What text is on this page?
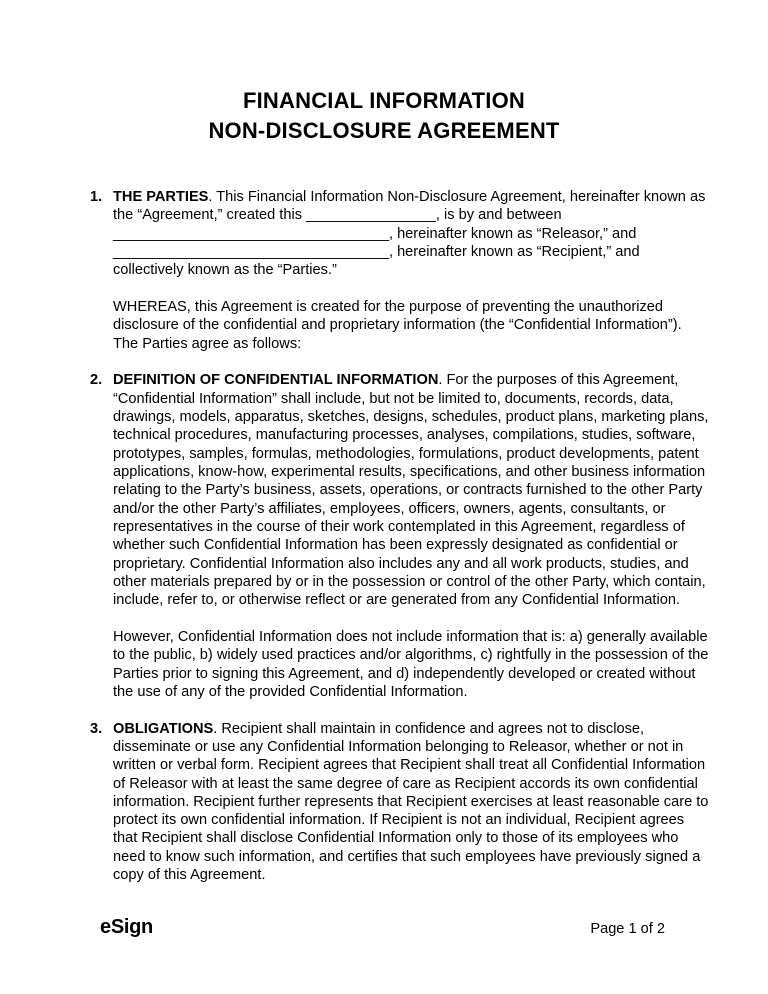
FINANCIAL INFORMATION
NON-DISCLOSURE AGREEMENT
1. THE PARTIES. This Financial Information Non-Disclosure Agreement, hereinafter known as
the “Agreement,” created this ________________, is by and between
__________________________________, hereinafter known as “Releasor,” and
__________________________________, hereinafter known as “Recipient,” and
collectively known as the “Parties.”

WHEREAS, this Agreement is created for the purpose of preventing the unauthorized
disclosure of the confidential and proprietary information (the “Confidential Information”).
The Parties agree as follows:

2. DEFINITION OF CONFIDENTIAL INFORMATION. For the purposes of this Agreement,
“Confidential Information” shall include, but not be limited to, documents, records, data,
drawings, models, apparatus, sketches, designs, schedules, product plans, marketing plans,
technical procedures, manufacturing processes, analyses, compilations, studies, software,
prototypes, samples, formulas, methodologies, formulations, product developments, patent
applications, know-how, experimental results, specifications, and other business information
relating to the Party’s business, assets, operations, or contracts furnished to the other Party
and/or the other Party’s affiliates, employees, officers, owners, agents, consultants, or
representatives in the course of their work contemplated in this Agreement, regardless of
whether such Confidential Information has been expressly designated as confidential or
proprietary. Confidential Information also includes any and all work products, studies, and
other materials prepared by or in the possession or control of the other Party, which contain,
include, refer to, or otherwise reflect or are generated from any Confidential Information.

However, Confidential Information does not include information that is: a) generally available
to the public, b) widely used practices and/or algorithms, c) rightfully in the possession of the
Parties prior to signing this Agreement, and d) independently developed or created without
the use of any of the provided Confidential Information.

3. OBLIGATIONS. Recipient shall maintain in confidence and agrees not to disclose,
disseminate or use any Confidential Information belonging to Releasor, whether or not in
written or verbal form. Recipient agrees that Recipient shall treat all Confidential Information
of Releasor with at least the same degree of care as Recipient accords its own confidential
information. Recipient further represents that Recipient exercises at least reasonable care to
protect its own confidential information. If Recipient is not an individual, Recipient agrees
that Recipient shall disclose Confidential Information only to those of its employees who
need to know such information, and certifies that such employees have previously signed a
copy of this Agreement.

eSign	Page 1 of 2
